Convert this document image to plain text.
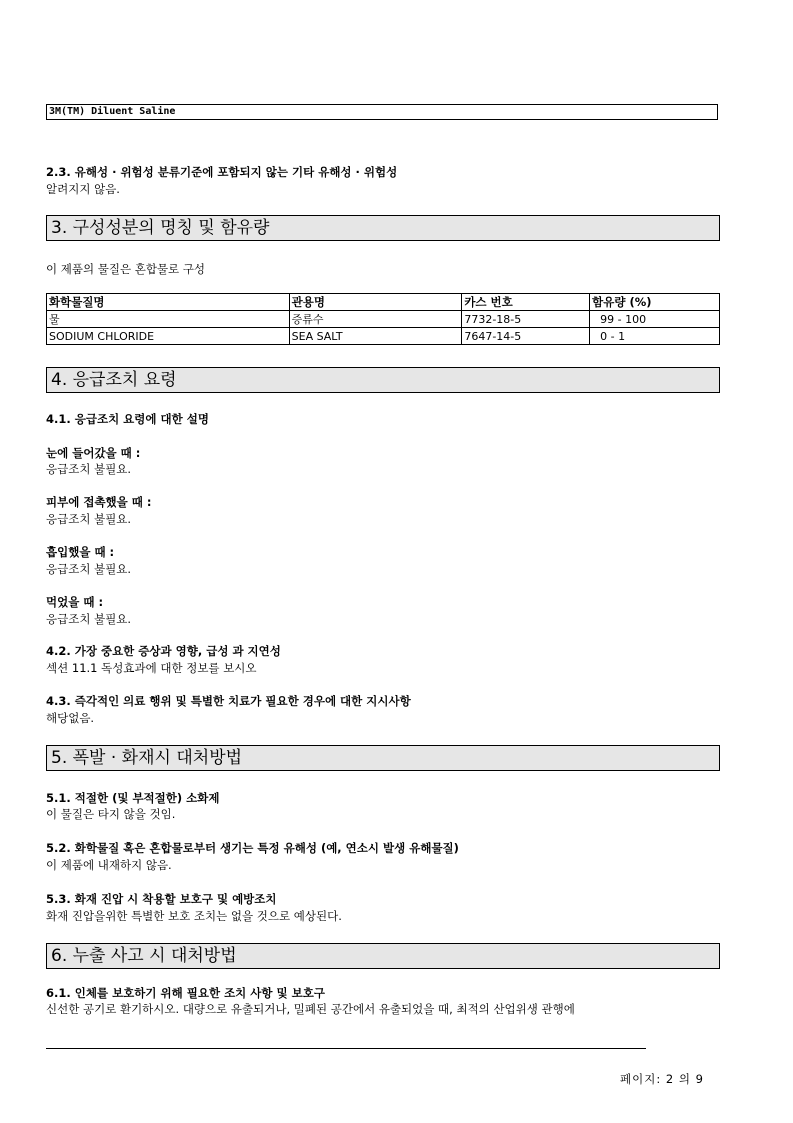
3M(TM) Diluent Saline
2.3. 유해성 · 위험성 분류기준에 포함되지 않는 기타 유해성 · 위험성
알려지지 않음.
3. 구성성분의 명칭 및 함유량
이 제품의 물질은 혼합물로 구성
화학물질명	관용명	카스 번호	함유량 (%)
물	증류수	7732-18-5	99 - 100
SODIUM CHLORIDE	SEA SALT	7647-14-5	0 - 1
4. 응급조치 요령
4.1. 응급조치 요령에 대한 설명
눈에 들어갔을 때 :
응급조치 불필요.
피부에 접촉했을 때 :
응급조치 불필요.
흡입했을 때 :
응급조치 불필요.
먹었을 때 :
응급조치 불필요.
4.2. 가장 중요한 증상과 영향, 급성 과 지연성
섹션 11.1 독성효과에 대한 정보를 보시오
4.3. 즉각적인 의료 행위 및 특별한 치료가 필요한 경우에 대한 지시사항
해당없음.
5. 폭발 · 화재시 대처방법
5.1. 적절한 (및 부적절한) 소화제
이 물질은 타지 않을 것임.
5.2. 화학물질 혹은 혼합물로부터 생기는 특정 유해성 (예, 연소시 발생 유해물질)
이 제품에 내재하지 않음.
5.3. 화재 진압 시 착용할 보호구 및 예방조치
화재 진압을위한 특별한 보호 조치는 없을 것으로 예상된다.
6. 누출 사고 시 대처방법
6.1. 인체를 보호하기 위해 필요한 조치 사항 및 보호구
신선한 공기로 환기하시오. 대량으로 유출되거나, 밀폐된 공간에서 유출되었을 때, 최적의 산업위생 관행에
페이지: 2 의 9
